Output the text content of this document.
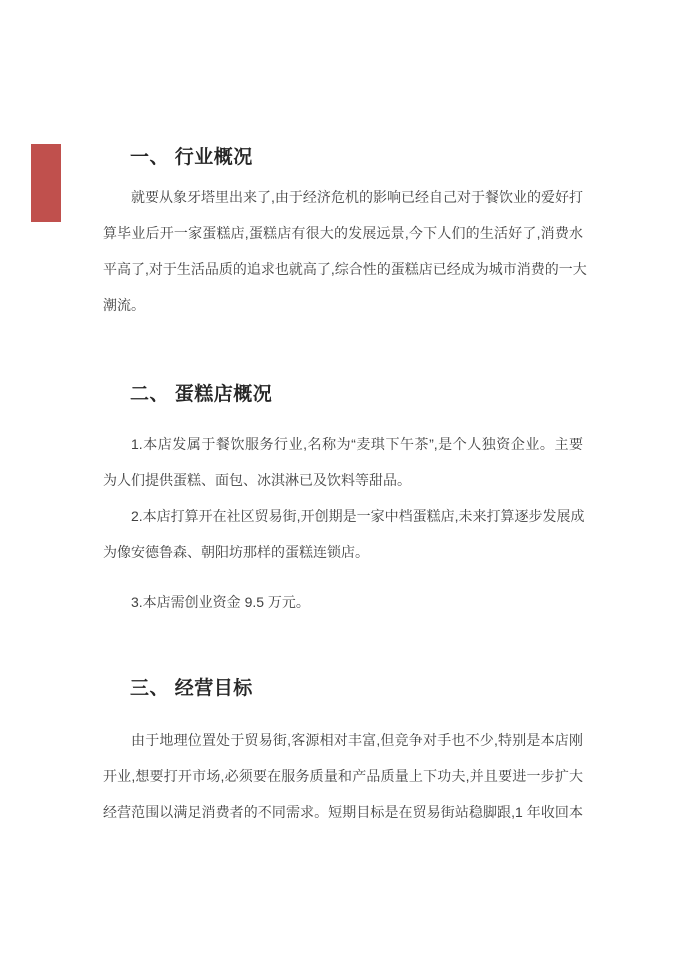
一、 行业概况
就要从象牙塔里出来了,由于经济危机的影响已经自己对于餐饮业的爱好打
算毕业后开一家蛋糕店,蛋糕店有很大的发展远景,今下人们的生活好了,消费水
平高了,对于生活品质的追求也就高了,综合性的蛋糕店已经成为城市消费的一大
潮流。
二、 蛋糕店概况
1.本店发属于餐饮服务行业,名称为“麦琪下午茶”,是个人独资企业。主要
为人们提供蛋糕、面包、冰淇淋已及饮料等甜品。
2.本店打算开在社区贸易街,开创期是一家中档蛋糕店,未来打算逐步发展成
为像安德鲁森、朝阳坊那样的蛋糕连锁店。
3.本店需创业资金 9.5 万元。
三、 经营目标
由于地理位置处于贸易街,客源相对丰富,但竞争对手也不少,特别是本店刚
开业,想要打开市场,必须要在服务质量和产品质量上下功夫,并且要进一步扩大
经营范围以满足消费者的不同需求。短期目标是在贸易街站稳脚跟,1 年收回本
